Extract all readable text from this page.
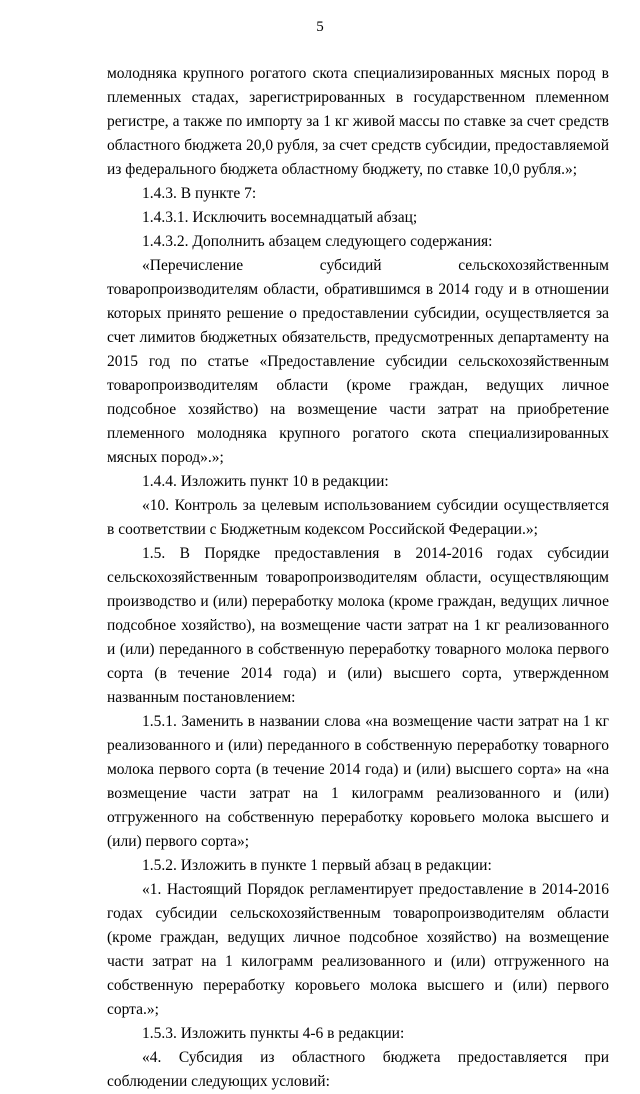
5

молодняка крупного рогатого скота специализированных мясных пород в племенных стадах, зарегистрированных в государственном племенном регистре, а также по импорту за 1 кг живой массы по ставке за счет средств областного бюджета 20,0 рубля, за счет средств субсидии, предоставляемой из федерального бюджета областному бюджету, по ставке 10,0 рубля.»;

1.4.3. В пункте 7:

1.4.3.1. Исключить восемнадцатый абзац;

1.4.3.2. Дополнить абзацем следующего содержания:

«Перечисление субсидий сельскохозяйственным товаропроизводителям области, обратившимся в 2014 году и в отношении которых принято решение о предоставлении субсидии, осуществляется за счет лимитов бюджетных обязательств, предусмотренных департаменту на 2015 год по статье «Предоставление субсидии сельскохозяйственным товаропроизводителям области (кроме граждан, ведущих личное подсобное хозяйство) на возмещение части затрат на приобретение племенного молодняка крупного рогатого скота специализированных мясных пород».»;

1.4.4. Изложить пункт 10 в редакции:

«10. Контроль за целевым использованием субсидии осуществляется в соответствии с Бюджетным кодексом Российской Федерации.»;

1.5. В Порядке предоставления в 2014-2016 годах субсидии сельскохозяйственным товаропроизводителям области, осуществляющим производство и (или) переработку молока (кроме граждан, ведущих личное подсобное хозяйство), на возмещение части затрат на 1 кг реализованного и (или) переданного в собственную переработку товарного молока первого сорта (в течение 2014 года) и (или) высшего сорта, утвержденном названным постановлением:

1.5.1. Заменить в названии слова «на возмещение части затрат на 1 кг реализованного и (или) переданного в собственную переработку товарного молока первого сорта (в течение 2014 года) и (или) высшего сорта» на «на возмещение части затрат на 1 килограмм реализованного и (или) отгруженного на собственную переработку коровьего молока высшего и (или) первого сорта»;

1.5.2. Изложить в пункте 1 первый абзац в редакции:

«1. Настоящий Порядок регламентирует предоставление в 2014-2016 годах субсидии сельскохозяйственным товаропроизводителям области (кроме граждан, ведущих личное подсобное хозяйство) на возмещение части затрат на 1 килограмм реализованного и (или) отгруженного на собственную переработку коровьего молока высшего и (или) первого сорта.»;

1.5.3. Изложить пункты 4-6 в редакции:

«4. Субсидия из областного бюджета предоставляется при соблюдении следующих условий:
